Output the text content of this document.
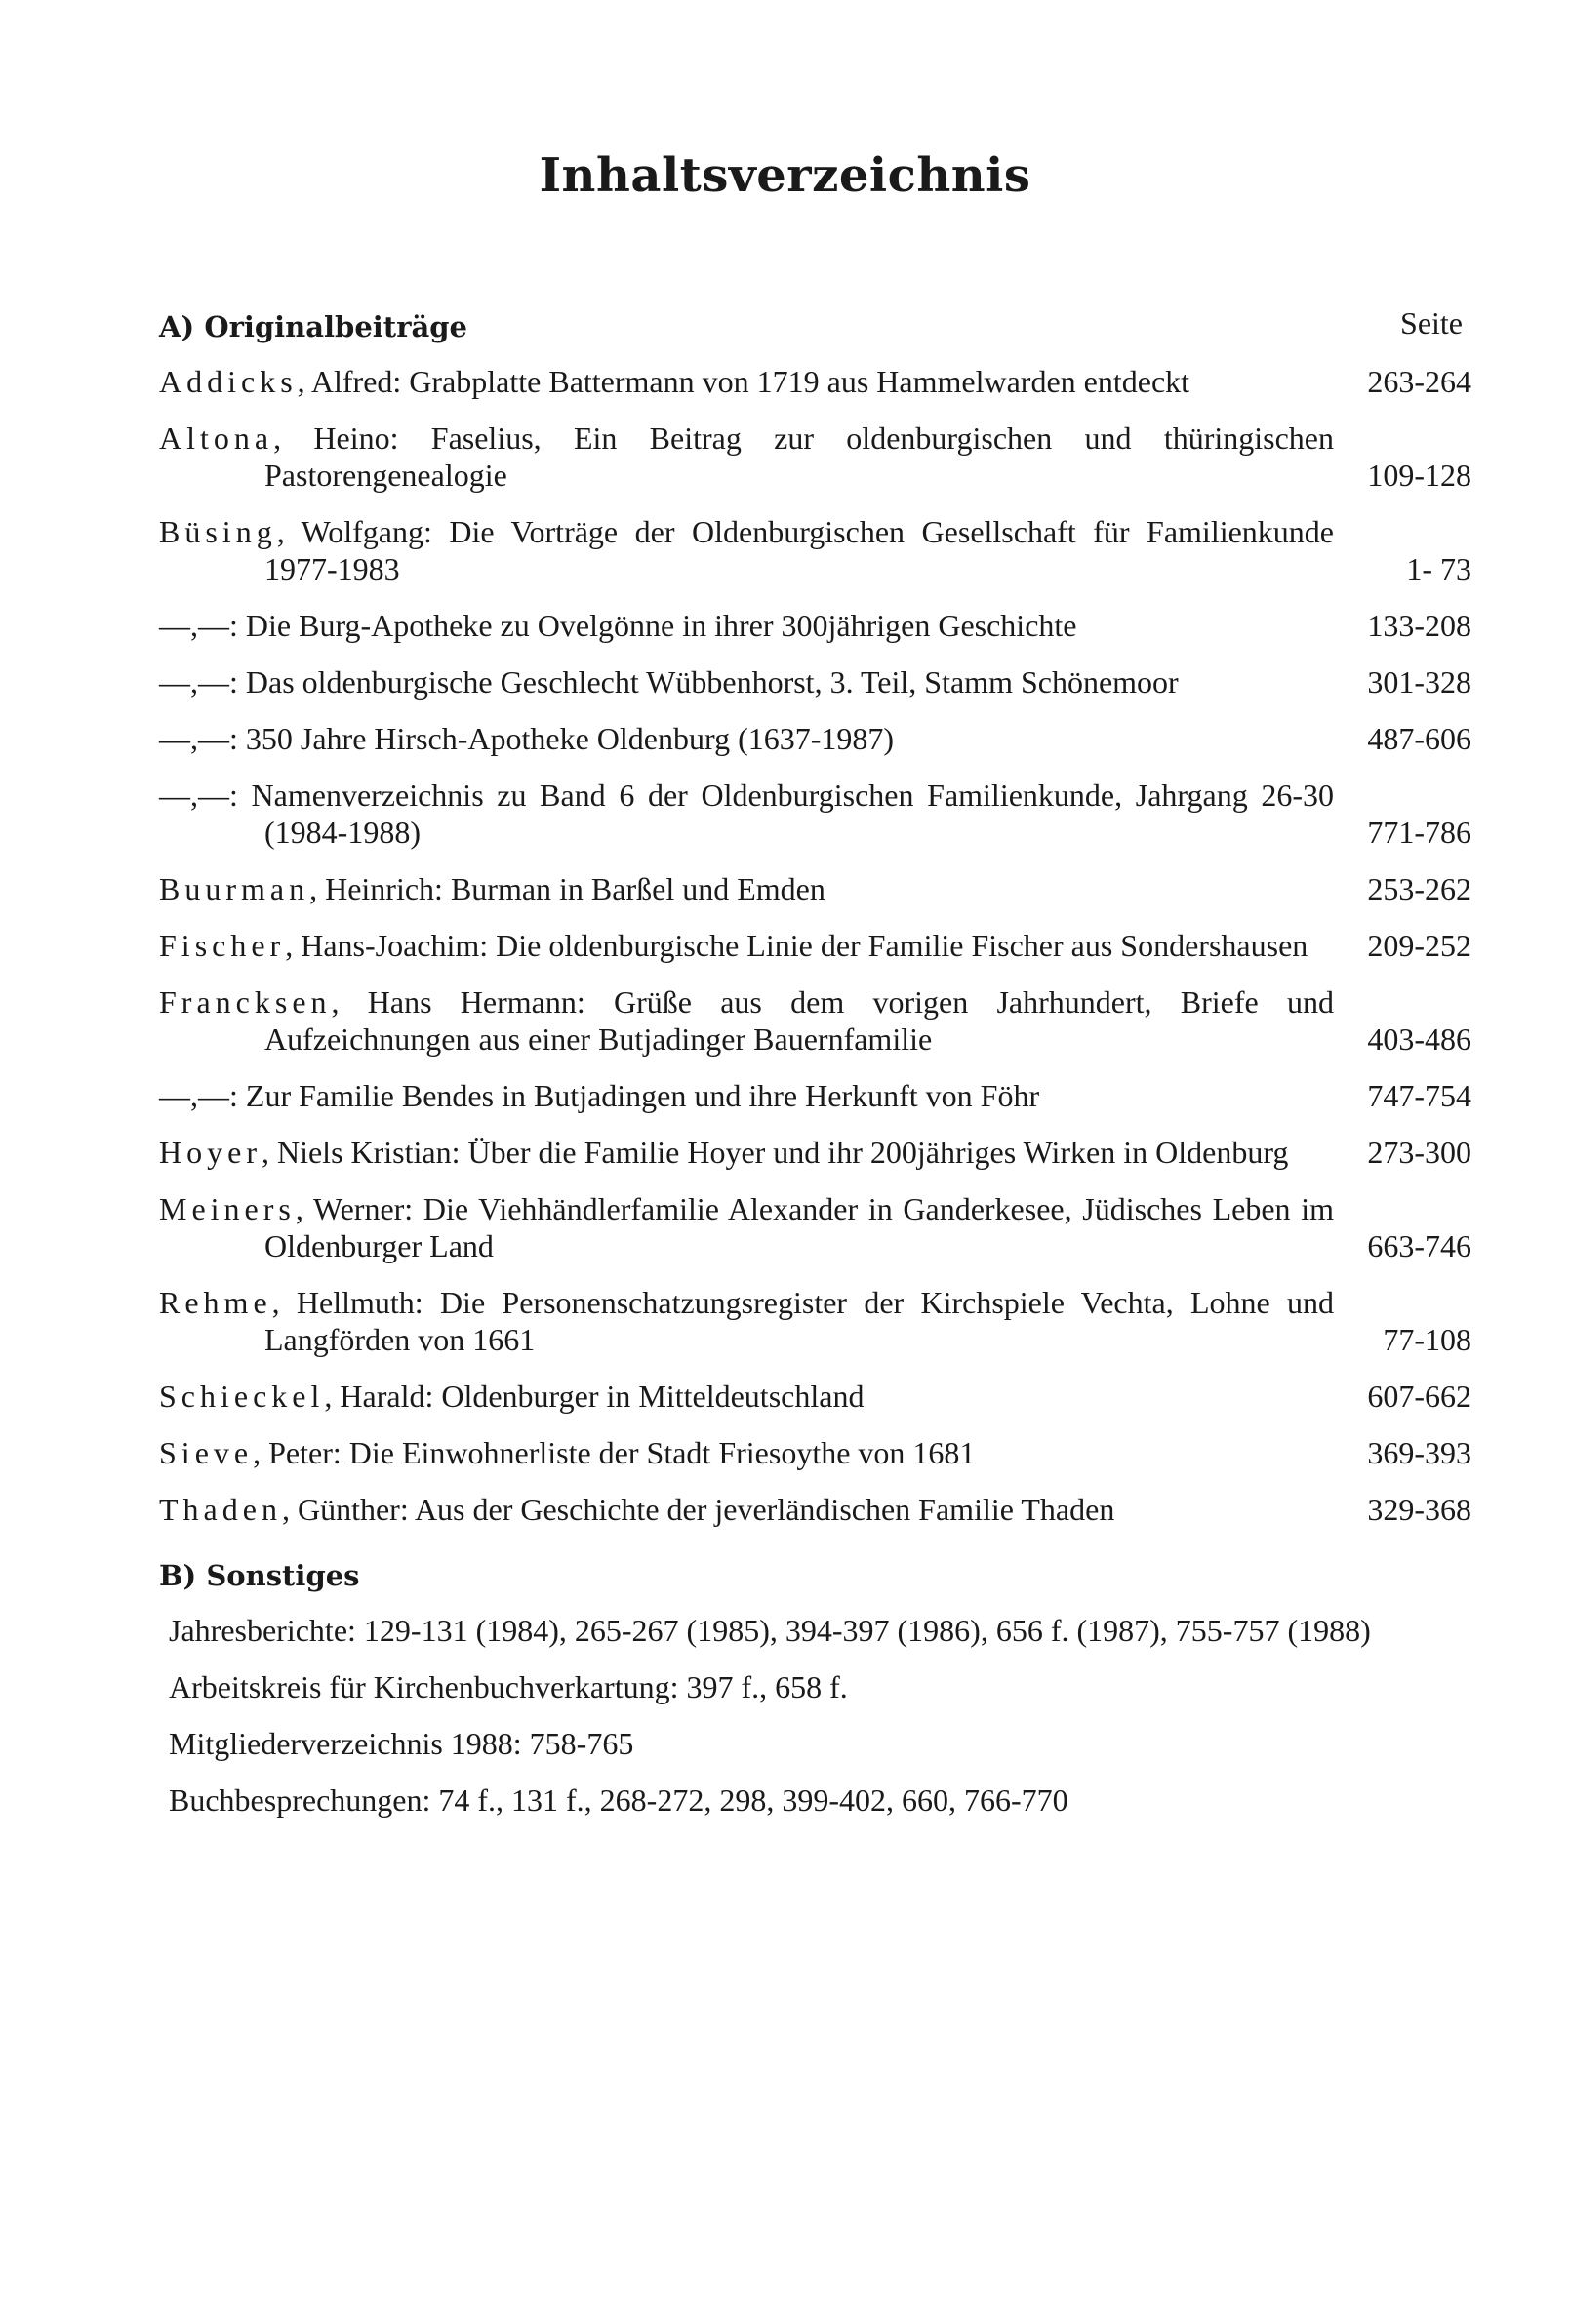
Inhaltsverzeichnis
A) Originalbeiträge	Seite
Addicks, Alfred: Grabplatte Battermann von 1719 aus Hammelwarden entdeckt	263-264
Altona, Heino: Faselius, Ein Beitrag zur oldenburgischen und thüringischen Pastorengenealogie	109-128
Büsing, Wolfgang: Die Vorträge der Oldenburgischen Gesellschaft für Familienkunde 1977-1983	1- 73
—,—: Die Burg-Apotheke zu Ovelgönne in ihrer 300jährigen Geschichte	133-208
—,—: Das oldenburgische Geschlecht Wübbenhorst, 3. Teil, Stamm Schönemoor	301-328
—,—: 350 Jahre Hirsch-Apotheke Oldenburg (1637-1987)	487-606
—,—: Namenverzeichnis zu Band 6 der Oldenburgischen Familienkunde, Jahrgang 26-30 (1984-1988)	771-786
Buurman, Heinrich: Burman in Barßel und Emden	253-262
Fischer, Hans-Joachim: Die oldenburgische Linie der Familie Fischer aus Sondershausen	209-252
Francksen, Hans Hermann: Grüße aus dem vorigen Jahrhundert, Briefe und Aufzeichnungen aus einer Butjadinger Bauernfamilie	403-486
—,—: Zur Familie Bendes in Butjadingen und ihre Herkunft von Föhr	747-754
Hoyer, Niels Kristian: Über die Familie Hoyer und ihr 200jähriges Wirken in Oldenburg	273-300
Meiners, Werner: Die Viehhändlerfamilie Alexander in Ganderkesee, Jüdisches Leben im Oldenburger Land	663-746
Rehme, Hellmuth: Die Personenschatzungsregister der Kirchspiele Vechta, Lohne und Langförden von 1661	77-108
Schieckel, Harald: Oldenburger in Mitteldeutschland	607-662
Sieve, Peter: Die Einwohnerliste der Stadt Friesoythe von 1681	369-393
Thaden, Günther: Aus der Geschichte der jeverländischen Familie Thaden	329-368
B) Sonstiges
Jahresberichte: 129-131 (1984), 265-267 (1985), 394-397 (1986), 656 f. (1987), 755-757 (1988)
Arbeitskreis für Kirchenbuchverkartung: 397 f., 658 f.
Mitgliederverzeichnis 1988: 758-765
Buchbesprechungen: 74 f., 131 f., 268-272, 298, 399-402, 660, 766-770
